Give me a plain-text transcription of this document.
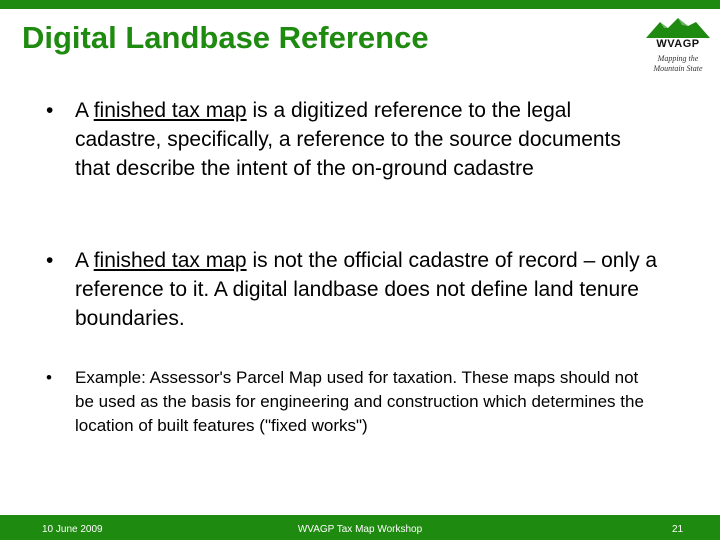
Digital Landbase Reference	WVAGP
Mapping the
Mountain State
• A finished tax map is a digitized reference to the legal cadastre, specifically, a reference to the source documents that describe the intent of the on-ground cadastre
• A finished tax map is not the official cadastre of record – only a reference to it. A digital landbase does not define land tenure boundaries.
• Example: Assessor's Parcel Map used for taxation. These maps should not be used as the basis for engineering and construction which determines the location of built features ("fixed works")
10 June 2009	WVAGP Tax Map Workshop	21
